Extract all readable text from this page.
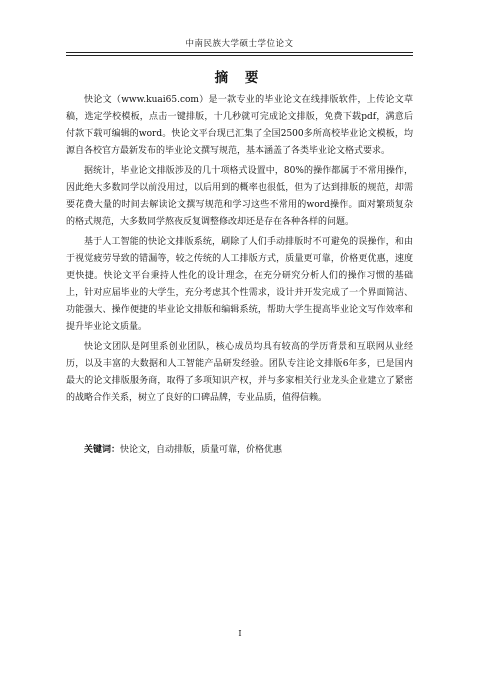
中南民族大学硕士学位论文
摘 要

快论文（www.kuai65.com）是一款专业的毕业论文在线排版软件，上传论文草稿，选定学校模板，点击一键排版，十几秒就可完成论文排版，免费下载pdf，满意后付款下载可编辑的word。快论文平台现已汇集了全国2500多所高校毕业论文模板，均源自各校官方最新发布的毕业论文撰写规范，基本涵盖了各类毕业论文格式要求。

据统计，毕业论文排版涉及的几十项格式设置中，80%的操作都属于不常用操作，因此绝大多数同学以前没用过，以后用到的概率也很低，但为了达到排版的规范，却需要花费大量的时间去解读论文撰写规范和学习这些不常用的word操作。面对繁琐复杂的格式规范，大多数同学熬夜反复调整修改却还是存在各种各样的问题。

基于人工智能的快论文排版系统，刷除了人们手动排版时不可避免的误操作，和由于视觉疲劳导致的错漏等，较之传统的人工排版方式，质量更可靠，价格更优惠，速度更快捷。快论文平台秉持人性化的设计理念，在充分研究分析人们的操作习惯的基础上，针对应届毕业的大学生，充分考虑其个性需求，设计并开发完成了一个界面简洁、功能强大、操作便捷的毕业论文排版和编辑系统，帮助大学生提高毕业论文写作效率和提升毕业论文质量。

快论文团队是阿里系创业团队，核心成员均具有较高的学历背景和互联网从业经历，以及丰富的大数据和人工智能产品研发经验。团队专注论文排版6年多，已是国内最大的论文排版服务商，取得了多项知识产权，并与多家相关行业龙头企业建立了紧密的战略合作关系，树立了良好的口碑品牌，专业品质，值得信赖。

关键词：快论文，自动排版，质量可靠，价格优惠
I
